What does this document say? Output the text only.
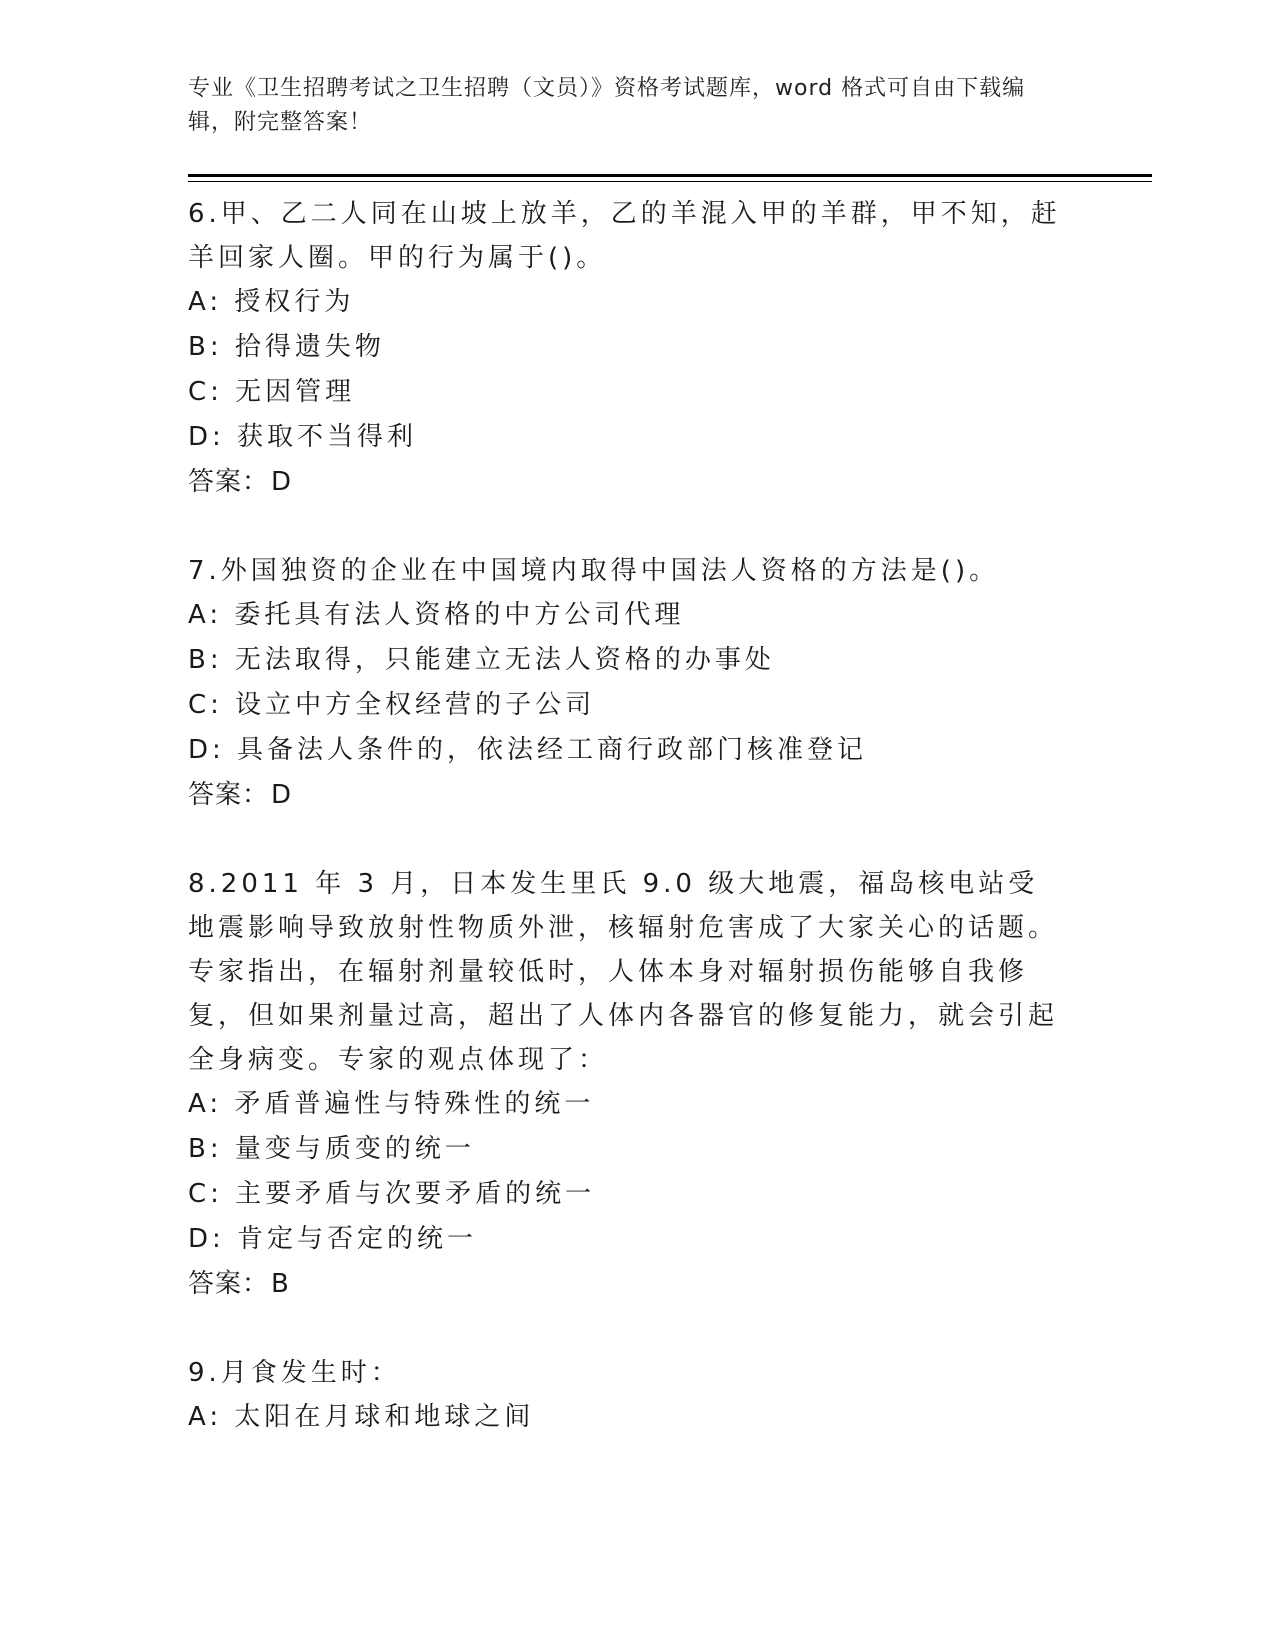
专业《卫生招聘考试之卫生招聘（文员）》资格考试题库，word 格式可自由下载编辑，附完整答案！
6.甲、乙二人同在山坡上放羊，乙的羊混入甲的羊群，甲不知，赶羊回家人圈。甲的行为属于()。
A: 授权行为
B: 拾得遗失物
C: 无因管理
D: 获取不当得利
答案：D
7.外国独资的企业在中国境内取得中国法人资格的方法是()。
A: 委托具有法人资格的中方公司代理
B: 无法取得，只能建立无法人资格的办事处
C: 设立中方全权经营的子公司
D: 具备法人条件的，依法经工商行政部门核准登记
答案：D
8.2011 年 3 月，日本发生里氏 9.0 级大地震，福岛核电站受地震影响导致放射性物质外泄，核辐射危害成了大家关心的话题。专家指出，在辐射剂量较低时，人体本身对辐射损伤能够自我修复，但如果剂量过高，超出了人体内各器官的修复能力，就会引起全身病变。专家的观点体现了：
A: 矛盾普遍性与特殊性的统一
B: 量变与质变的统一
C: 主要矛盾与次要矛盾的统一
D: 肯定与否定的统一
答案：B
9.月食发生时：
A: 太阳在月球和地球之间
